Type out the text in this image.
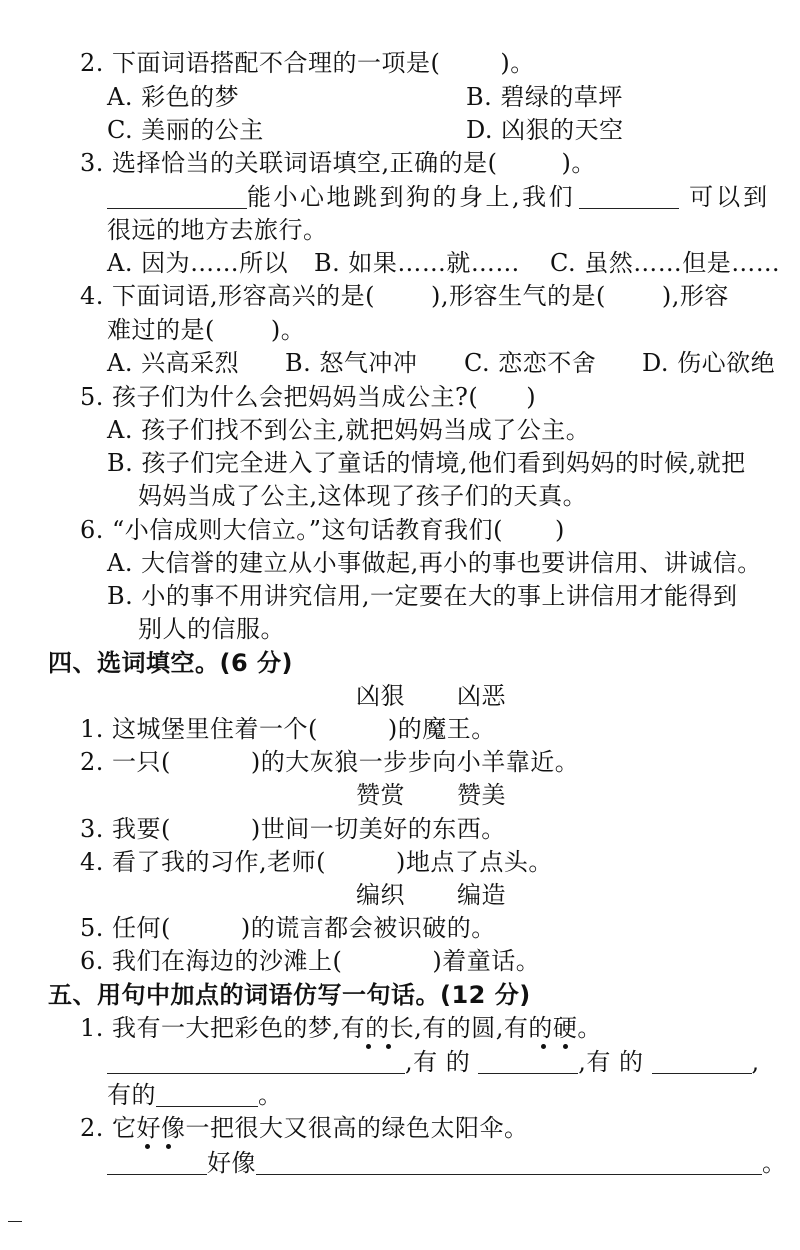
2. 下面词语搭配不合理的一项是(	)。
A. 彩色的梦	B. 碧绿的草坪
C. 美丽的公主	D. 凶狠的天空
3. 选择恰当的关联词语填空,正确的是(	)。
能小心地跳到狗的身上,我们	可以到
很远的地方去旅行。
A. 因为……所以 B. 如果……就…… C. 虽然……但是……
4. 下面词语,形容高兴的是( ),形容生气的是( ),形容
难过的是( )。
A. 兴高采烈 B. 怒气冲冲 C. 恋恋不舍 D. 伤心欲绝
5. 孩子们为什么会把妈妈当成公主?( )
A. 孩子们找不到公主,就把妈妈当成了公主。
B. 孩子们完全进入了童话的情境,他们看到妈妈的时候,就把
妈妈当成了公主,这体现了孩子们的天真。
6. “小信成则大信立。”这句话教育我们( )
A. 大信誉的建立从小事做起,再小的事也要讲信用、讲诚信。
B. 小的事不用讲究信用,一定要在大的事上讲信用才能得到
别人的信服。
四、选词填空。(6 分)
凶狠 凶恶
1. 这城堡里住着一个(	)的魔王。
2. 一只(	)的大灰狼一步步向小羊靠近。
赞赏 赞美
3. 我要(	)世间一切美好的东西。
4. 看了我的习作,老师(	)地点了点头。
编织 编造
5. 任何(	)的谎言都会被识破的。
6. 我们在海边的沙滩上(	)着童话。
五、用句中加点的词语仿写一句话。(12 分)
1. 我有一大把彩色的梦,有的长,有的圆,有的硬。
,有 的	,有 的	,
有的	。
2. 它好像一把很大又很高的绿色太阳伞。
好像	。
